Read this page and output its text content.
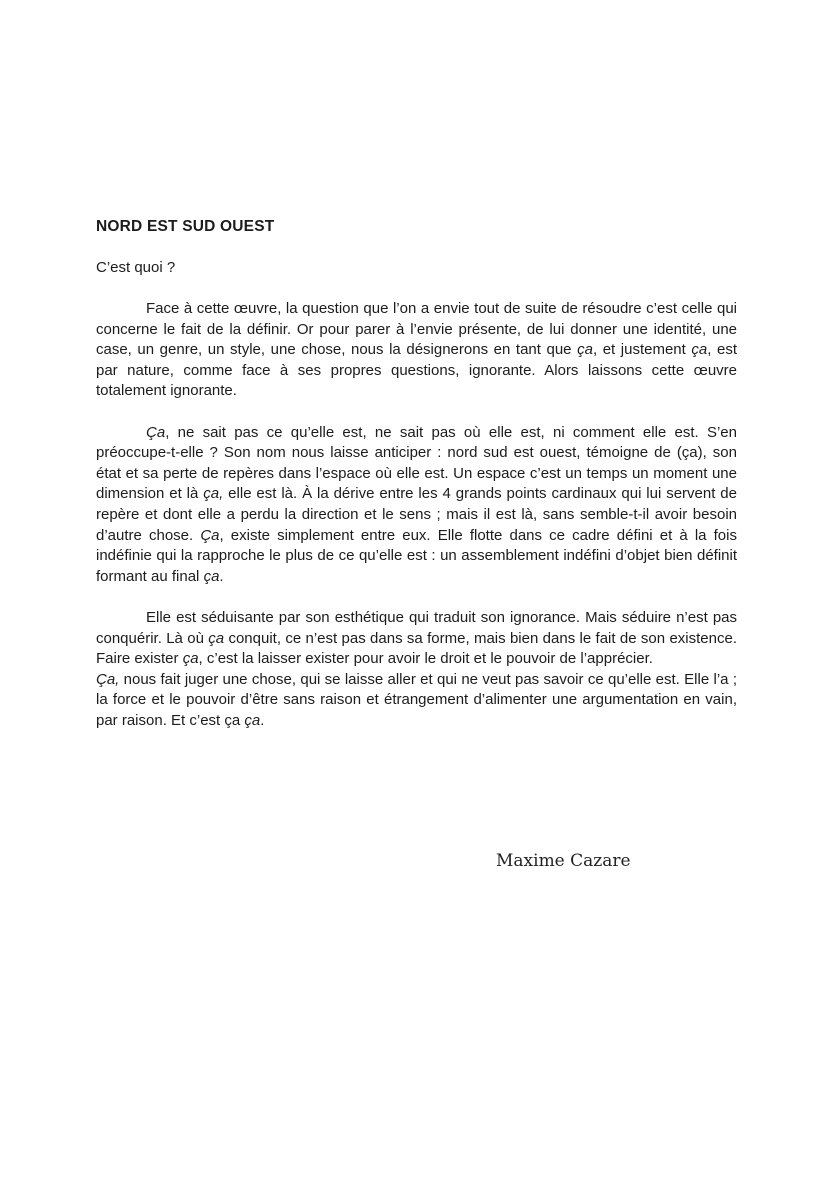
NORD EST SUD OUEST

C’est quoi ?

Face à cette œuvre, la question que l’on a envie tout de suite de résoudre c’est celle qui concerne le fait de la définir. Or pour parer à l’envie présente, de lui donner une identité, une case, un genre, un style, une chose, nous la désignerons en tant que ça, et justement ça, est par nature, comme face à ses propres questions, ignorante. Alors laissons cette œuvre totalement ignorante.
Ça, ne sait pas ce qu’elle est, ne sait pas où elle est, ni comment elle est. S’en préoccupe-t-elle ? Son nom nous laisse anticiper : nord sud est ouest, témoigne de (ça), son état et sa perte de repères dans l’espace où elle est. Un espace c’est un temps un moment une dimension et là ça, elle est là. À la dérive entre les 4 grands points cardinaux qui lui servent de repère et dont elle a perdu la direction et le sens ; mais il est là, sans semble-t-il avoir besoin d’autre chose. Ça, existe simplement entre eux. Elle flotte dans ce cadre défini et à la fois indéfinie qui la rapproche le plus de ce qu’elle est : un assemblement indéfini d’objet bien définit formant au final ça.
Elle est séduisante par son esthétique qui traduit son ignorance. Mais séduire n’est pas conquérir. Là où ça conquit, ce n’est pas dans sa forme, mais bien dans le fait de son existence. Faire exister ça, c’est la laisser exister pour avoir le droit et le pouvoir de l’apprécier.
Ça, nous fait juger une chose, qui se laisse aller et qui ne veut pas savoir ce qu’elle est. Elle l’a ; la force et le pouvoir d’être sans raison et étrangement d’alimenter une argumentation en vain, par raison. Et c’est ça ça.
Maxime Cazare
